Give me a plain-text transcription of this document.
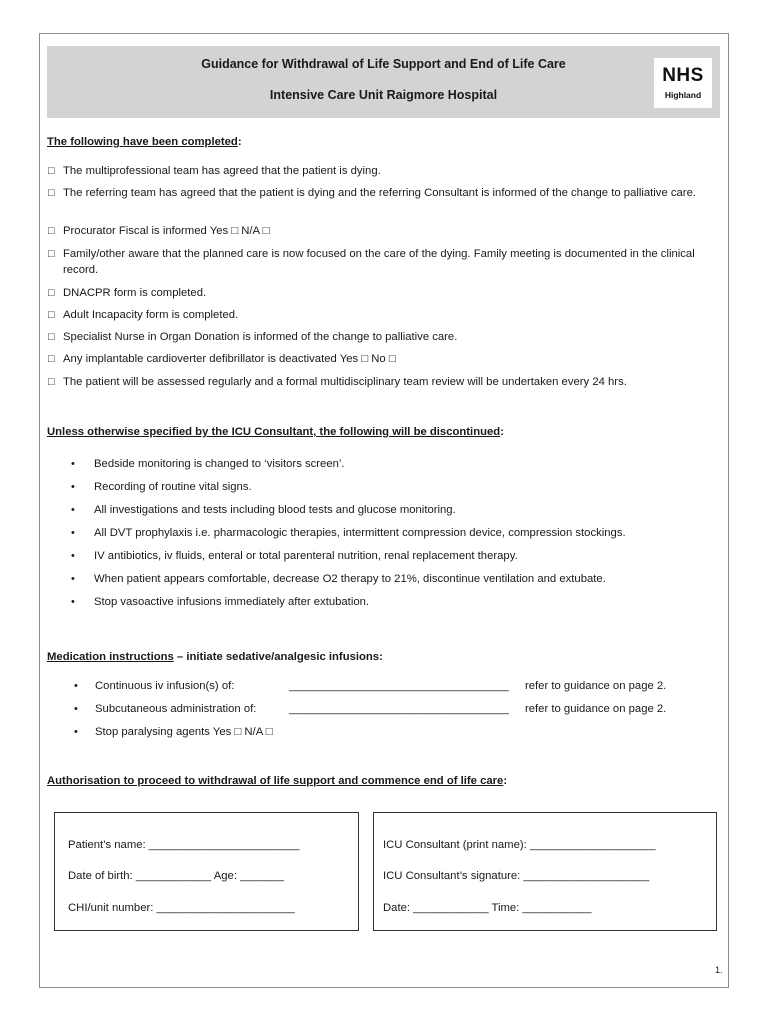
Guidance for Withdrawal of Life Support and End of Life Care
Intensive Care Unit Raigmore Hospital
NHS
Highland
The following have been completed:
□ The multiprofessional team has agreed that the patient is dying.
□ The referring team has agreed that the patient is dying and the referring Consultant is informed of the change to palliative care.
□ Procurator Fiscal is informed Yes □ N/A □
□ Family/other aware that the planned care is now focused on the care of the dying. Family meeting is documented in the clinical record.
□ DNACPR form is completed.
□ Adult Incapacity form is completed.
□ Specialist Nurse in Organ Donation is informed of the change to palliative care.
□ Any implantable cardioverter defibrillator is deactivated Yes □ No □
□ The patient will be assessed regularly and a formal multidisciplinary team review will be undertaken every 24 hrs.
Unless otherwise specified by the ICU Consultant, the following will be discontinued:
• Bedside monitoring is changed to ‘visitors screen’.
• Recording of routine vital signs.
• All investigations and tests including blood tests and glucose monitoring.
• All DVT prophylaxis i.e. pharmacologic therapies, intermittent compression device, compression stockings.
• IV antibiotics, iv fluids, enteral or total parenteral nutrition, renal replacement therapy.
• When patient appears comfortable, decrease O2 therapy to 21%, discontinue ventilation and extubate.
• Stop vasoactive infusions immediately after extubation.
Medication instructions – initiate sedative/analgesic infusions:
• Continuous iv infusion(s) of:	___________________________________ refer to guidance on page 2.
• Subcutaneous administration of:	___________________________________ refer to guidance on page 2.
• Stop paralysing agents Yes □ N/A □
Authorisation to proceed to withdrawal of life support and commence end of life care:
Patient’s name: ________________________
Date of birth: ____________ Age: _______
CHI/unit number: ______________________
ICU Consultant (print name): ____________________
ICU Consultant’s signature: ____________________
Date: ____________ Time: ___________
1.
